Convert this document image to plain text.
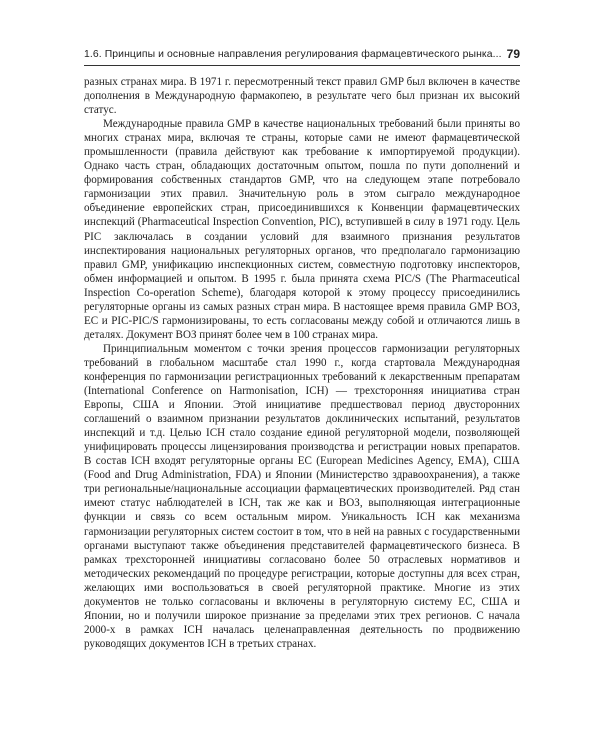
1.6. Принципы и основные направления регулирования фармацевтического рынка... 79

разных странах мира. В 1971 г. пересмотренный текст правил GMP был включен в качестве дополнения в Международную фармакопею, в результате чего был признан их высокий статус.

Международные правила GMP в качестве национальных требований были приняты во многих странах мира, включая те страны, которые сами не имеют фармацевтической промышленности (правила действуют как требование к импортируемой продукции). Однако часть стран, обладающих достаточным опытом, пошла по пути дополнений и формирования собственных стандартов GMP, что на следующем этапе потребовало гармонизации этих правил. Значительную роль в этом сыграло международное объединение европейских стран, присоединившихся к Конвенции фармацевтических инспекций (Pharmaceutical Inspection Convention, PIC), вступившей в силу в 1971 году. Цель PIC заключалась в создании условий для взаимного признания результатов инспектирования национальных регуляторных органов, что предполагало гармонизацию правил GMP, унификацию инспекционных систем, совместную подготовку инспекторов, обмен информацией и опытом. В 1995 г. была принята схема PIC/S (The Pharmaceutical Inspection Co-operation Scheme), благодаря которой к этому процессу присоединились регуляторные органы из самых разных стран мира. В настоящее время правила GMP ВОЗ, ЕС и PIC-PIC/S гармонизированы, то есть согласованы между собой и отличаются лишь в деталях. Документ ВОЗ принят более чем в 100 странах мира.

Принципиальным моментом с точки зрения процессов гармонизации регуляторных требований в глобальном масштабе стал 1990 г., когда стартовала Международная конференция по гармонизации регистрационных требований к лекарственным препаратам (International Conference on Harmonisation, ICH) — трехсторонняя инициатива стран Европы, США и Японии. Этой инициативе предшествовал период двусторонних соглашений о взаимном признании результатов доклинических испытаний, результатов инспекций и т.д. Целью ICH стало создание единой регуляторной модели, позволяющей унифицировать процессы лицензирования производства и регистрации новых препаратов. В состав ICH входят регуляторные органы ЕС (European Medicines Agency, EMA), США (Food and Drug Administration, FDA) и Японии (Министерство здравоохранения), а также три региональные/национальные ассоциации фармацевтических производителей. Ряд стан имеют статус наблюдателей в ICH, так же как и ВОЗ, выполняющая интеграционные функции и связь со всем остальным миром. Уникальность ICH как механизма гармонизации регуляторных систем состоит в том, что в ней на равных с государственными органами выступают также объединения представителей фармацевтического бизнеса. В рамках трехсторонней инициативы согласовано более 50 отраслевых нормативов и методических рекомендаций по процедуре регистрации, которые доступны для всех стран, желающих ими воспользоваться в своей регуляторной практике. Многие из этих документов не только согласованы и включены в регуляторную систему ЕС, США и Японии, но и получили широкое признание за пределами этих трех регионов. С начала 2000-х в рамках ICH началась целенаправленная деятельность по продвижению руководящих документов ICH в третьих странах.
